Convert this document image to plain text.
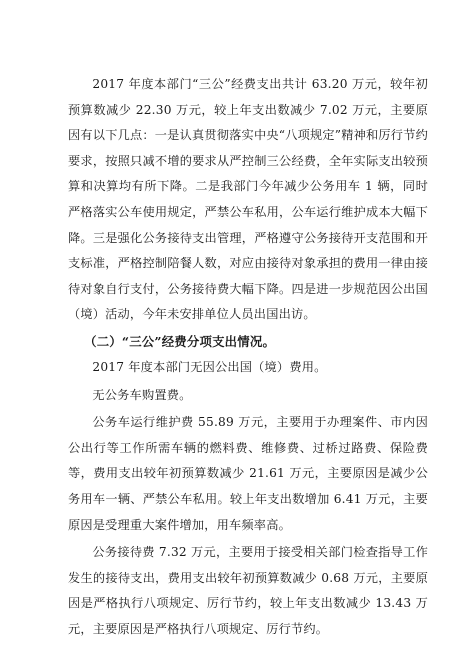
2017 年度本部门“三公”经费支出共计 63.20 万元，较年初预算数减少 22.30 万元，较上年支出数减少 7.02 万元，主要原因有以下几点：一是认真贯彻落实中央“八项规定”精神和厉行节约要求，按照只减不增的要求从严控制三公经费，全年实际支出较预算和决算均有所下降。二是我部门今年减少公务用车 1 辆，同时严格落实公车使用规定，严禁公车私用，公车运行维护成本大幅下降。三是强化公务接待支出管理，严格遵守公务接待开支范围和开支标准，严格控制陪餐人数，对应由接待对象承担的费用一律由接待对象自行支付，公务接待费大幅下降。四是进一步规范因公出国（境）活动，今年未安排单位人员出国出访。

（二）“三公”经费分项支出情况。

2017 年度本部门无因公出国（境）费用。

无公务车购置费。

公务车运行维护费 55.89 万元，主要用于办理案件、市内因公出行等工作所需车辆的燃料费、维修费、过桥过路费、保险费等，费用支出较年初预算数减少 21.61 万元，主要原因是减少公务用车一辆、严禁公车私用。较上年支出数增加 6.41 万元，主要原因是受理重大案件增加，用车频率高。

公务接待费 7.32 万元，主要用于接受相关部门检查指导工作发生的接待支出，费用支出较年初预算数减少 0.68 万元，主要原因是严格执行八项规定、厉行节约，较上年支出数减少 13.43 万元，主要原因是严格执行八项规定、厉行节约。
